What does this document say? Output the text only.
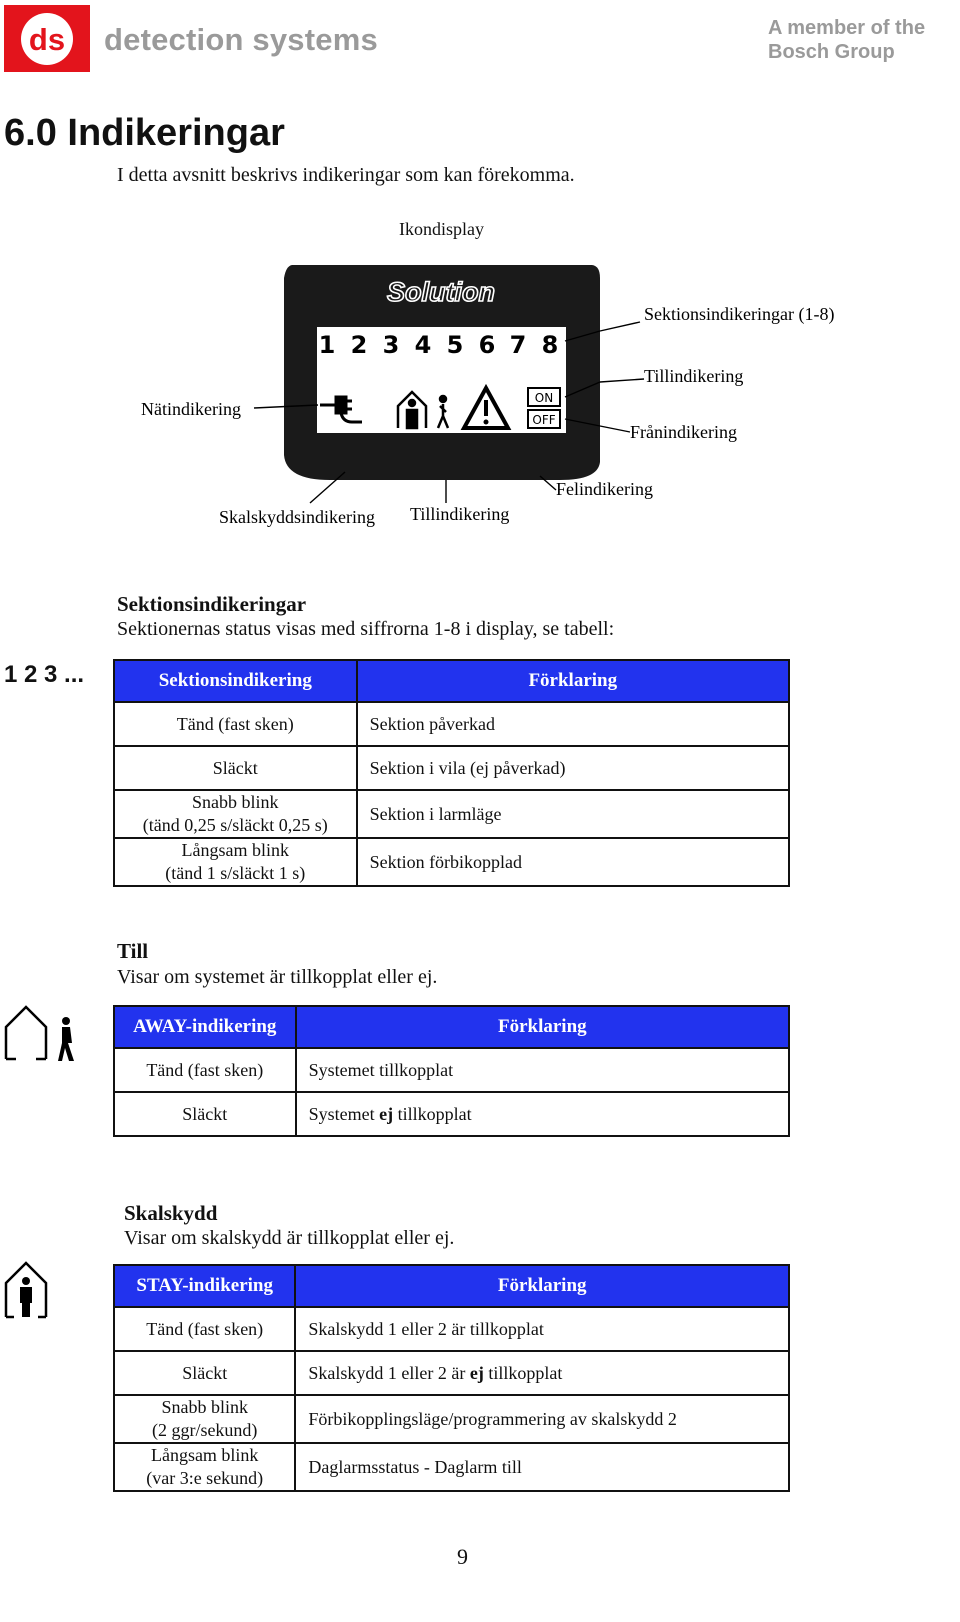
ds detection systems	A member of the
Bosch Group
6.0 Indikeringar
I detta avsnitt beskrivs indikeringar som kan förekomma.
Ikondisplay
Solution
1 2 3 4 5 6 7 8
ON
OFF
Sektionsindikeringar (1-8)
Tillindikering
Frånindikering
Nätindikering
Felindikering
Skalskyddsindikering Tillindikering
Sektionsindikeringar
Sektionernas status visas med siffrorna 1-8 i display, se tabell:
1 2 3 ...	Sektionsindikering	Förklaring

Tänd (fast sken)	Sektion påverkad

Släckt	Sektion i vila (ej påverkad)

Snabb blink
(tänd 0,25 s/släckt 0,25 s)	Sektion i larmläge

Långsam blink
(tänd 1 s/släckt 1 s)	Sektion förbikopplad
Till
Visar om systemet är tillkopplat eller ej.
AWAY-indikering	Förklaring
Tänd (fast sken)	Systemet tillkopplat
Släckt	Systemet ej tillkopplat
Skalskydd
Visar om skalskydd är tillkopplat eller ej.
STAY-indikering	Förklaring

Tänd (fast sken)	Skalskydd 1 eller 2 är tillkopplat

Släckt	Skalskydd 1 eller 2 är ej tillkopplat

Snabb blink
(2 ggr/sekund)	Förbikopplingsläge/programmering av skalskydd 2

Långsam blink
(var 3:e sekund)	Daglarmsstatus - Daglarm till
9
